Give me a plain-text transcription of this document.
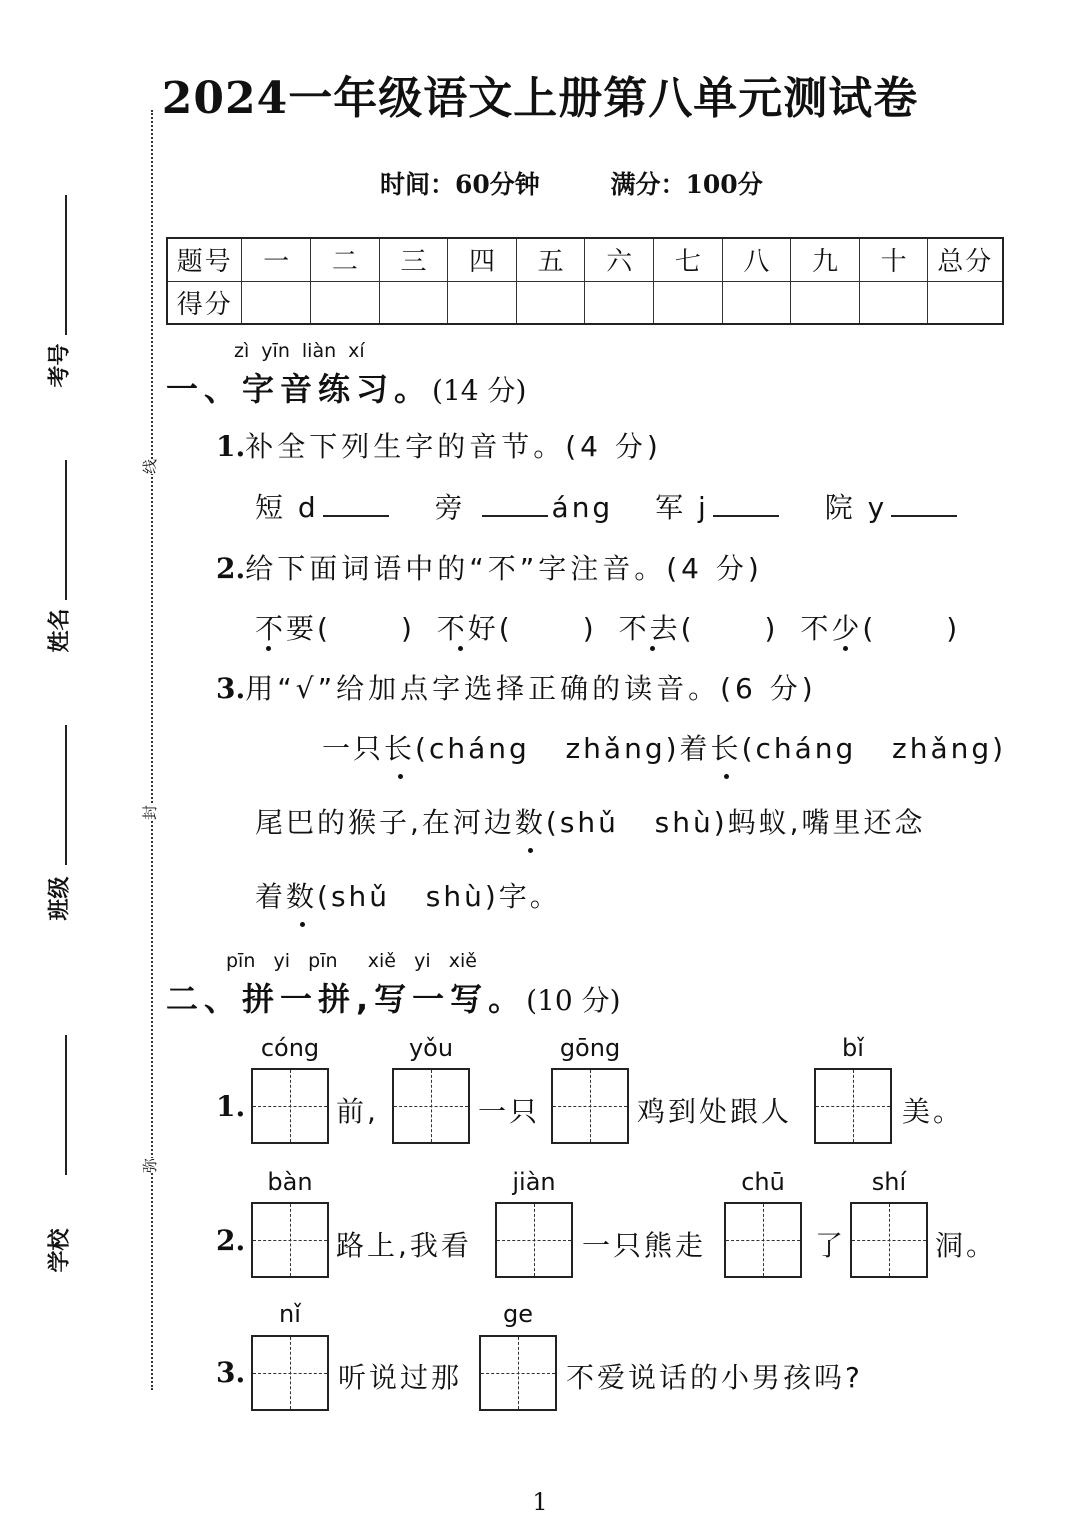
2024一年级语文上册第八单元测试卷
时间：60分钟	满分：100分
题号	一	二	三	四	五	六	七	八	九	十	总分
得分											
考号
姓名
班级
学校
线
封
弥
zì yīn liàn xí
一、字音练习。(14 分)
1.补全下列生字的音节。(4 分)
短 d	旁	áng 军 j	院 y
2.给下面词语中的“不”字注音。(4 分)
不要(	) 不好(	) 不去(	) 不少(	)
3.用“√”给加点字选择正确的读音。(6 分)
一只长(cháng   zhǎng)着长(cháng   zhǎng)
尾巴的猴子,在河边数(shǔ   shù)蚂蚁,嘴里还念
着数(shǔ   shù)字。
pīn yi pīn xiě yi xiě
二、拼一拼,写一写。(10 分)
1.
cóng
前,
yǒu
一只
gōng
鸡到处跟人
bǐ
美。
2.
bàn
路上,我看
jiàn
一只熊走
chū
了
shí
洞。
3.
nǐ
听说过那
ge
不爱说话的小男孩吗?
1
